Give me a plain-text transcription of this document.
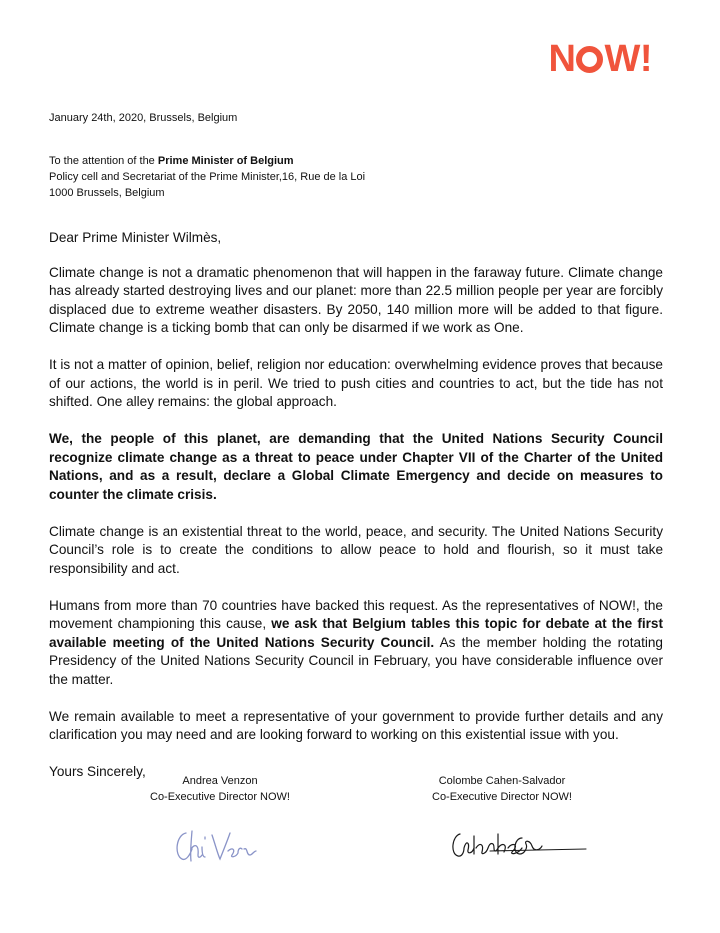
N W!
January 24th, 2020, Brussels, Belgium
To the attention of the Prime Minister of Belgium
Policy cell and Secretariat of the Prime Minister,16, Rue de la Loi
1000 Brussels, Belgium

Dear Prime Minister Wilmès,

Climate change is not a dramatic phenomenon that will happen in the faraway future. Climate change has already started destroying lives and our planet: more than 22.5 million people per year are forcibly displaced due to extreme weather disasters. By 2050, 140 million more will be added to that figure. Climate change is a ticking bomb that can only be disarmed if we work as One.

It is not a matter of opinion, belief, religion nor education: overwhelming evidence proves that because of our actions, the world is in peril. We tried to push cities and countries to act, but the tide has not shifted. One alley remains: the global approach.

We, the people of this planet, are demanding that the United Nations Security Council recognize climate change as a threat to peace under Chapter VII of the Charter of the United Nations, and as a result, declare a Global Climate Emergency and decide on measures to counter the climate crisis.

Climate change is an existential threat to the world, peace, and security. The United Nations Security Council’s role is to create the conditions to allow peace to hold and flourish, so it must take responsibility and act.

Humans from more than 70 countries have backed this request. As the representatives of NOW!, the movement championing this cause, we ask that Belgium tables this topic for debate at the first available meeting of the United Nations Security Council. As the member holding the rotating Presidency of the United Nations Security Council in February, you have considerable influence over the matter.

We remain available to meet a representative of your government to provide further details and any clarification you may need and are looking forward to working on this existential issue with you.

Yours Sincerely,

Andrea Venzon
Co-Executive Director NOW!
Colombe Cahen-Salvador
Co-Executive Director NOW!
